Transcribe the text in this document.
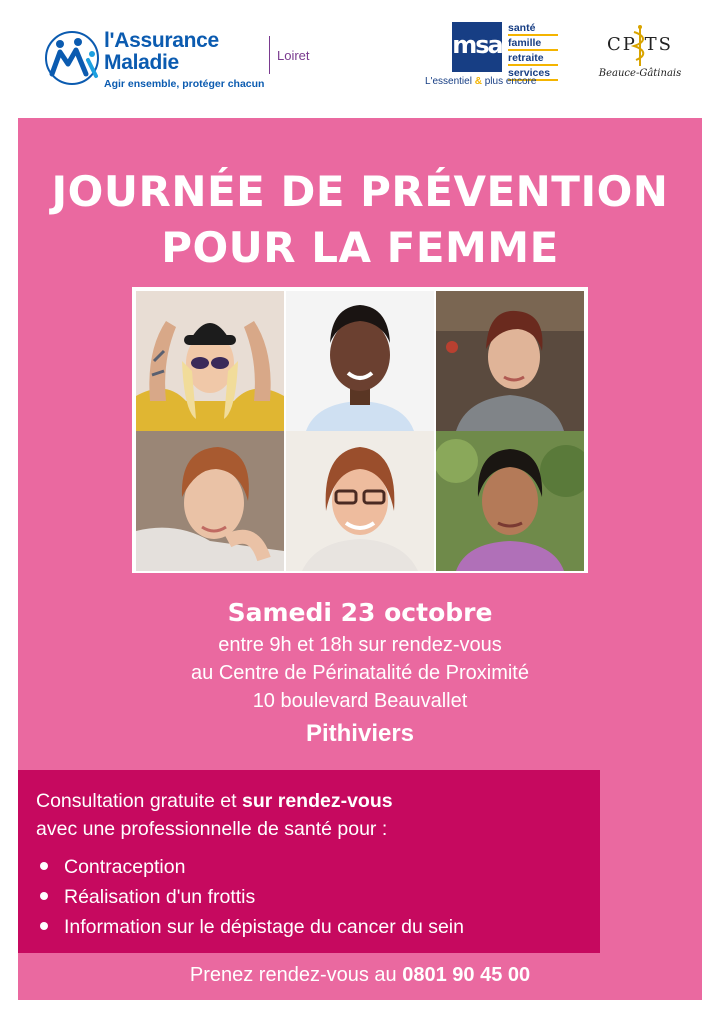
l'Assurance
Maladie
Agir ensemble, protéger chacun
Loiret	msa
santé
famille
retraite
services
L'essentiel & plus encore
CP TS
Beauce-Gâtinais
JOURNÉE DE PRÉVENTION
POUR LA FEMME
Samedi 23 octobre
entre 9h et 18h sur rendez-vous
au Centre de Périnatalité de Proximité
10 boulevard Beauvallet
Pithiviers
Consultation gratuite et sur rendez-vous
avec une professionnelle de santé pour :
Contraception
Réalisation d'un frottis
Information sur le dépistage du cancer du sein
Prenez rendez-vous au 0801 90 45 00
